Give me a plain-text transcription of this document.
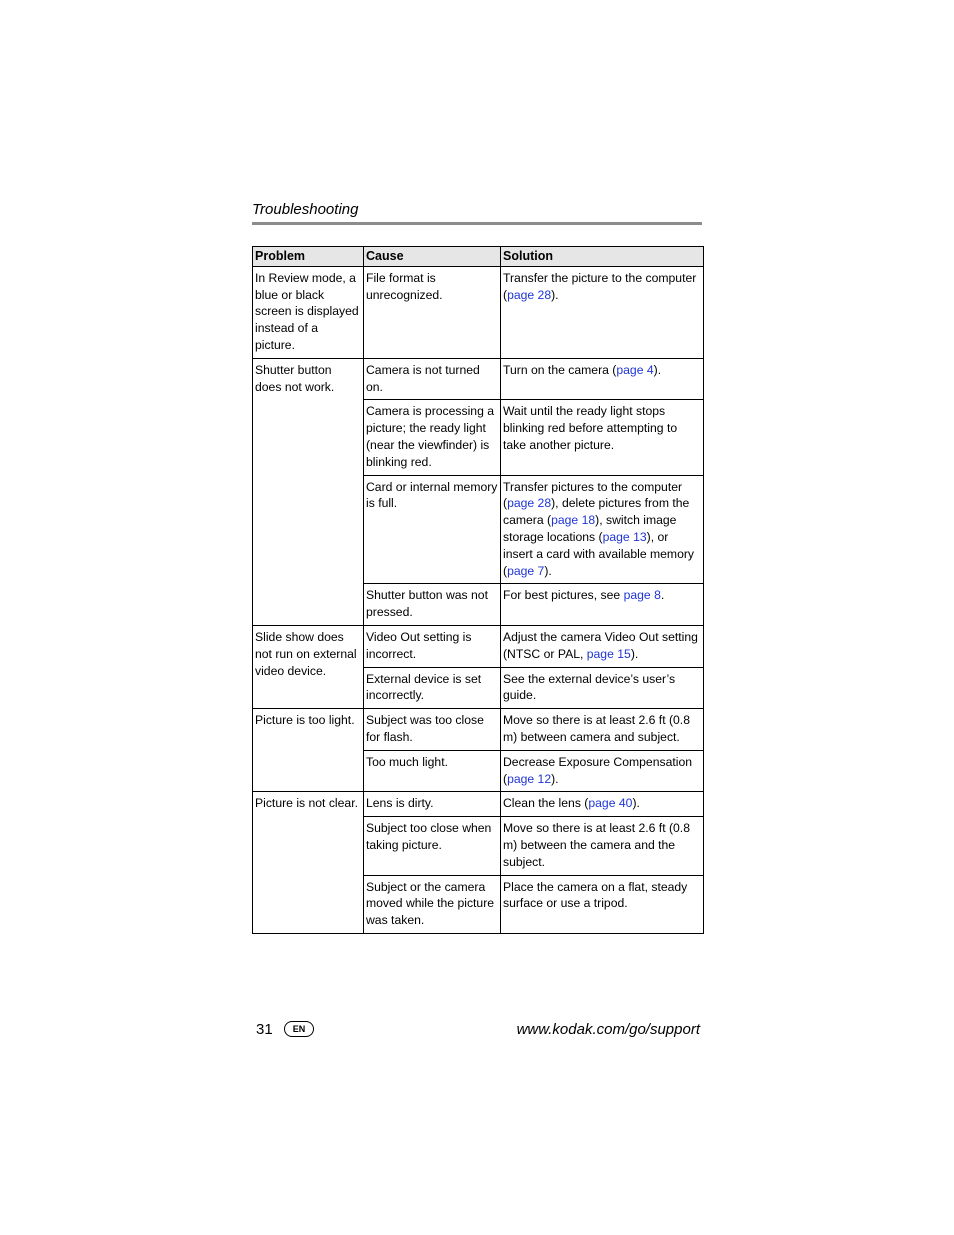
Troubleshooting
Problem	Cause	Solution
In Review mode, a blue or black screen is displayed instead of a picture.	File format is unrecognized.	Transfer the picture to the computer (page 28).
Shutter button does not work.	Camera is not turned on.	Turn on the camera (page 4).
	Camera is processing a picture; the ready light (near the viewfinder) is blinking red.	Wait until the ready light stops blinking red before attempting to take another picture.
	Card or internal memory is full.	Transfer pictures to the computer (page 28), delete pictures from the camera (page 18), switch image storage locations (page 13), or insert a card with available memory (page 7).
	Shutter button was not pressed.	For best pictures, see page 8.
Slide show does not run on external video device.	Video Out setting is incorrect.	Adjust the camera Video Out setting (NTSC or PAL, page 15).
	External device is set incorrectly.	See the external device’s user’s guide.
Picture is too light.	Subject was too close for flash.	Move so there is at least 2.6 ft (0.8 m) between camera and subject.
	Too much light.	Decrease Exposure Compensation (page 12).
Picture is not clear.	Lens is dirty.	Clean the lens (page 40).
	Subject too close when taking picture.	Move so there is at least 2.6 ft (0.8 m) between the camera and the subject.
	Subject or the camera moved while the picture was taken.	Place the camera on a flat, steady surface or use a tripod.
31	EN	www.kodak.com/go/support
